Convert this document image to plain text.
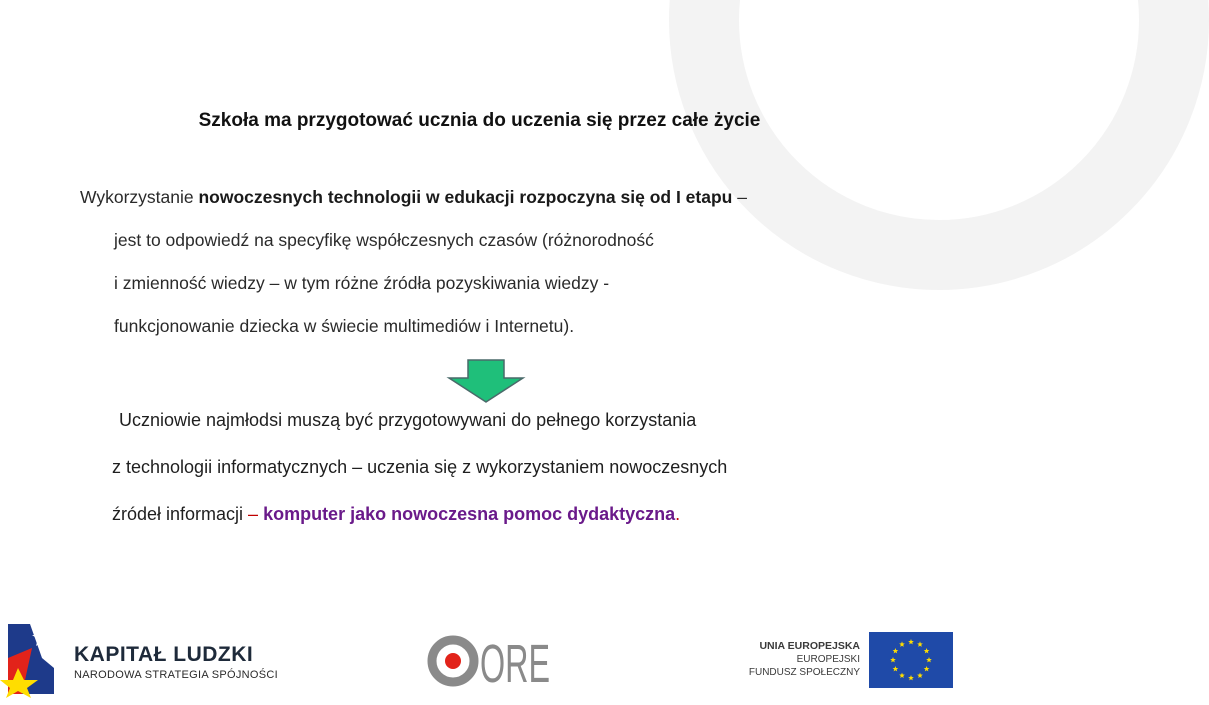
Szkoła ma przygotować ucznia do uczenia się przez całe życie
Wykorzystanie nowoczesnych technologii w edukacji rozpoczyna się od I etapu –
jest to odpowiedź na specyfikę współczesnych czasów (różnorodność
i zmienność wiedzy – w tym różne źródła pozyskiwania wiedzy -
funkcjonowanie dziecka w świecie multimediów i Internetu).
Uczniowie najmłodsi muszą być przygotowywani do pełnego korzystania
z technologii informatycznych – uczenia się z wykorzystaniem nowoczesnych
źródeł informacji – komputer jako nowoczesna pomoc dydaktyczna.
KAPITAŁ LUDZKI
NARODOWA STRATEGIA SPÓJNOŚCI	ORE	UNIA EUROPEJSKA
EUROPEJSKI
FUNDUSZ SPOŁECZNY
